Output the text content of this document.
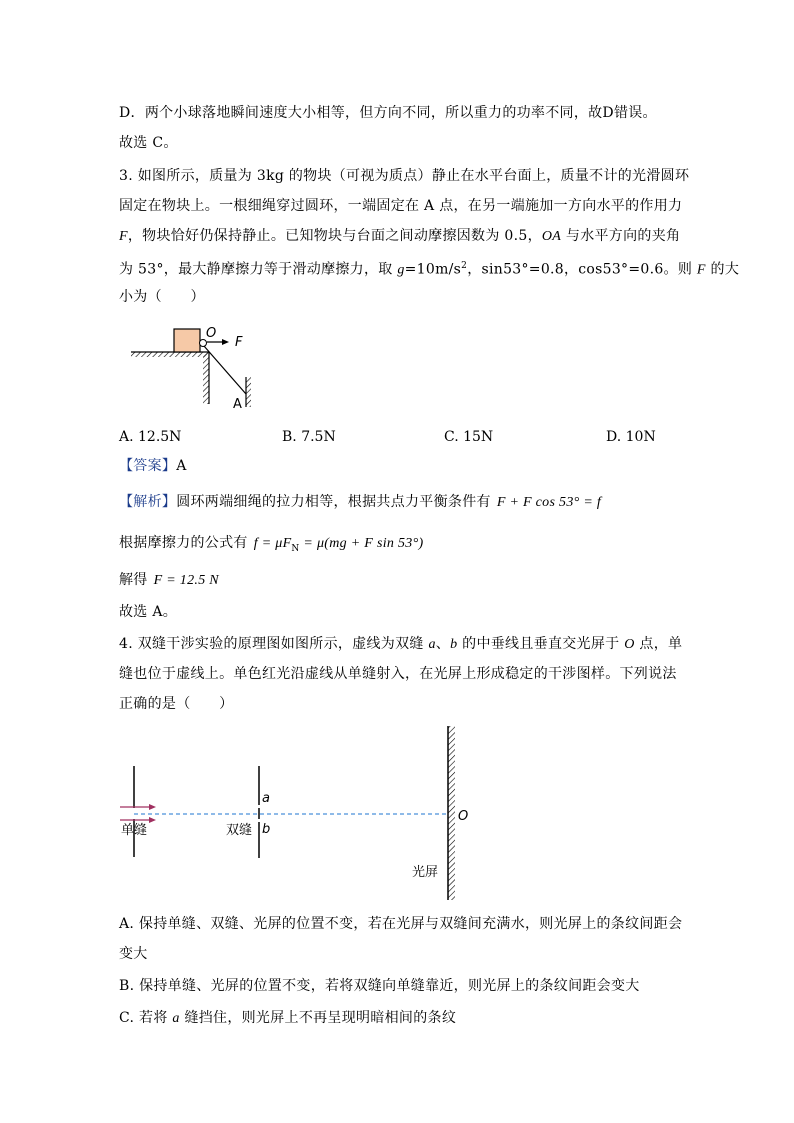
D．两个小球落地瞬间速度大小相等，但方向不同，所以重力的功率不同，故D错误。
故选 C。
3. 如图所示，质量为 3kg 的物块（可视为质点）静止在水平台面上，质量不计的光滑圆环
固定在物块上。一根细绳穿过圆环，一端固定在 A 点，在另一端施加一方向水平的作用力
F，物块恰好仍保持静止。已知物块与台面之间动摩擦因数为 0.5，OA 与水平方向的夹角
为 53°，最大静摩擦力等于滑动摩擦力，取 $g=10m/s^2$，sin53°=0.8，cos53°=0.6。则 F 的大
小为（　　）
O
F
A
A. 12.5N	B. 7.5N	C. 15N	D. 10N
【答案】A
【解析】圆环两端细绳的拉力相等，根据共点力平衡条件有 F + F cos 53° = f
根据摩擦力的公式有 $f = \mu F_N = \mu(mg + F$ sin 53°)
解得 F = 12.5 N
故选 A。
4. 双缝干涉实验的原理图如图所示，虚线为双缝 a、b 的中垂线且垂直交光屏于 O 点，单
缝也位于虚线上。单色红光沿虚线从单缝射入，在光屏上形成稳定的干涉图样。下列说法
正确的是（　　）
a
b
O
单缝	双缝
光屏
A. 保持单缝、双缝、光屏的位置不变，若在光屏与双缝间充满水，则光屏上的条纹间距会
变大
B. 保持单缝、光屏的位置不变，若将双缝向单缝靠近，则光屏上的条纹间距会变大
C. 若将 a 缝挡住，则光屏上不再呈现明暗相间的条纹
